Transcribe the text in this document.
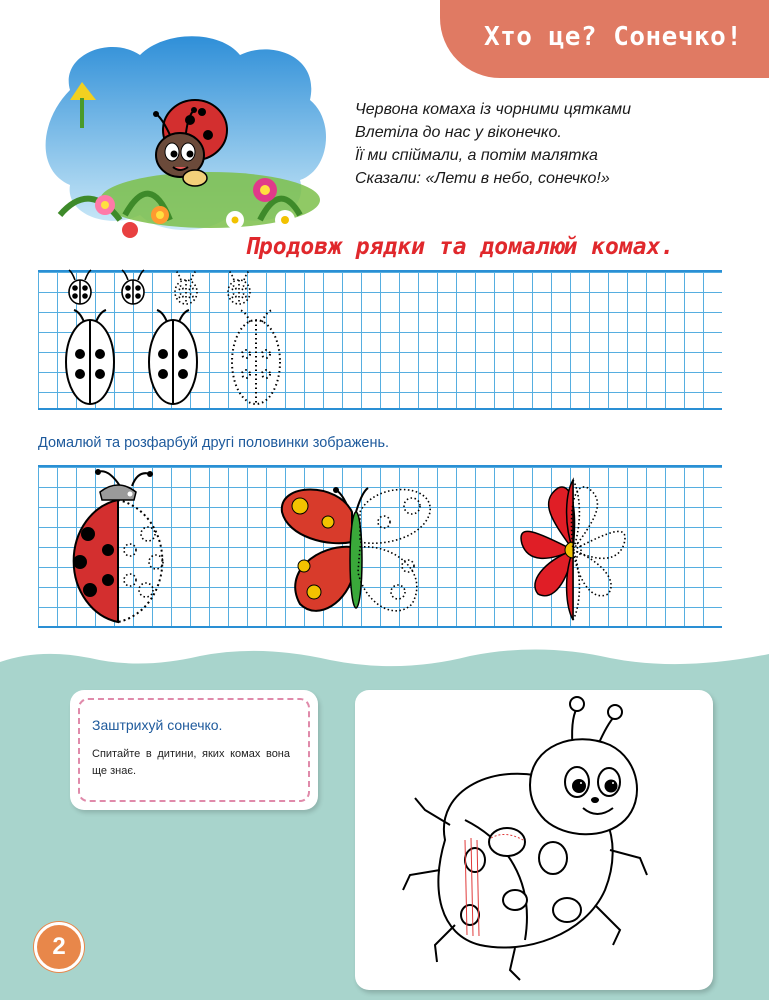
Хто це? Сонечко!
Червона комаха із чорними цятками
Влетіла до нас у віконечко.
Її ми спіймали, а потім малятка
Сказали: «Лети в небо, сонечко!»
Продовж рядки та домалюй комах.
Домалюй та розфарбуй другі половинки зображень.
Заштрихуй сонечко.
Спитайте в дитини, яких комах вона ще знає.
2
